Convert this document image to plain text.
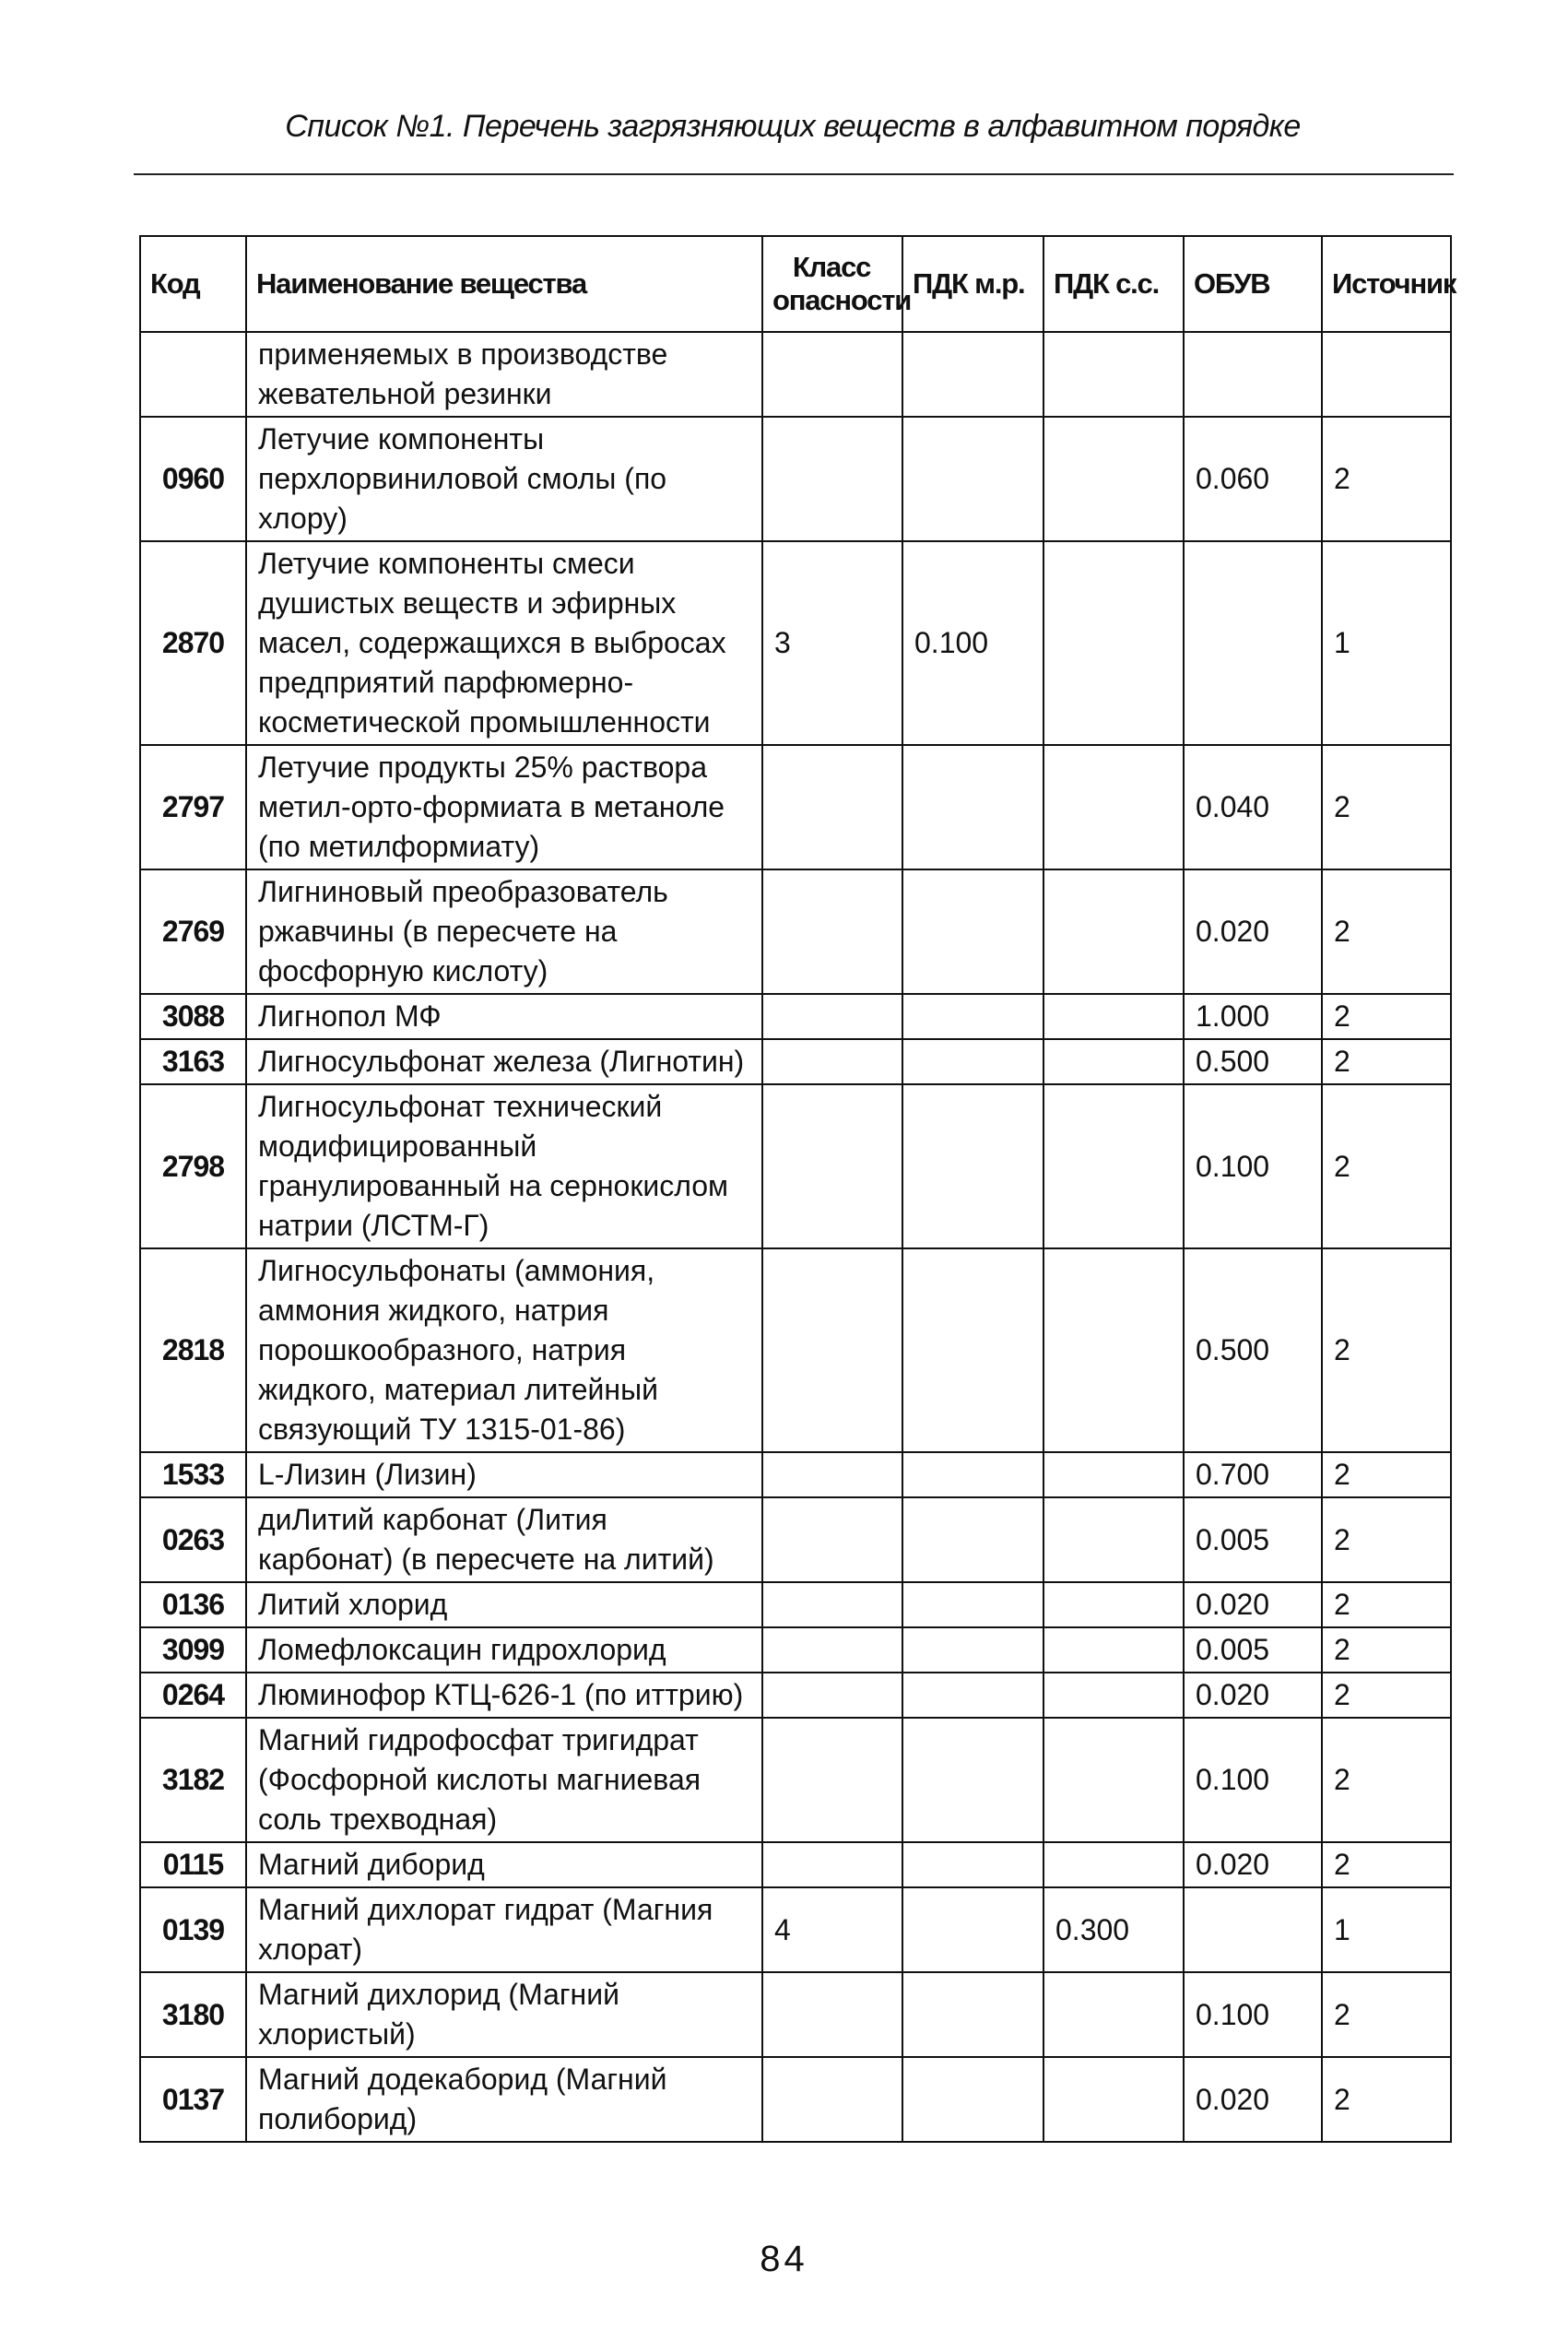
Список №1. Перечень загрязняющих веществ в алфавитном порядке
Код	Наименование вещества	Класс опасности	ПДК м.р.	ПДК с.с.	ОБУВ	Источник
	применяемых в производстве жевательной резинки					
0960	Летучие компоненты перхлорвиниловой смолы (по хлору)				0.060	2
2870	Летучие компоненты смеси душистых веществ и эфирных масел, содержащихся в выбросах предприятий парфюмерно-косметической промышленности	3	0.100			1
2797	Летучие продукты 25% раствора метил-орто-формиата в метаноле (по метилформиату)				0.040	2
2769	Лигниновый преобразователь ржавчины (в пересчете на фосфорную кислоту)				0.020	2
3088	Лигнопол МФ				1.000	2
3163	Лигносульфонат железа (Лигнотин)				0.500	2
2798	Лигносульфонат технический модифицированный гранулированный на сернокислом натрии (ЛСТМ-Г)				0.100	2
2818	Лигносульфонаты (аммония, аммония жидкого, натрия порошкообразного, натрия жидкого, материал литейный связующий ТУ 1315-01-86)				0.500	2
1533	L-Лизин (Лизин)				0.700	2
0263	диЛитий карбонат (Лития карбонат) (в пересчете на литий)				0.005	2
0136	Литий хлорид				0.020	2
3099	Ломефлоксацин гидрохлорид				0.005	2
0264	Люминофор КТЦ-626-1 (по иттрию)				0.020	2
3182	Магний гидрофосфат тригидрат (Фосфорной кислоты магниевая соль трехводная)				0.100	2
0115	Магний диборид				0.020	2
0139	Магний дихлорат гидрат (Магния хлорат)	4		0.300		1
3180	Магний дихлорид (Магний хлористый)				0.100	2
0137	Магний додекаборид (Магний полиборид)				0.020	2
84
